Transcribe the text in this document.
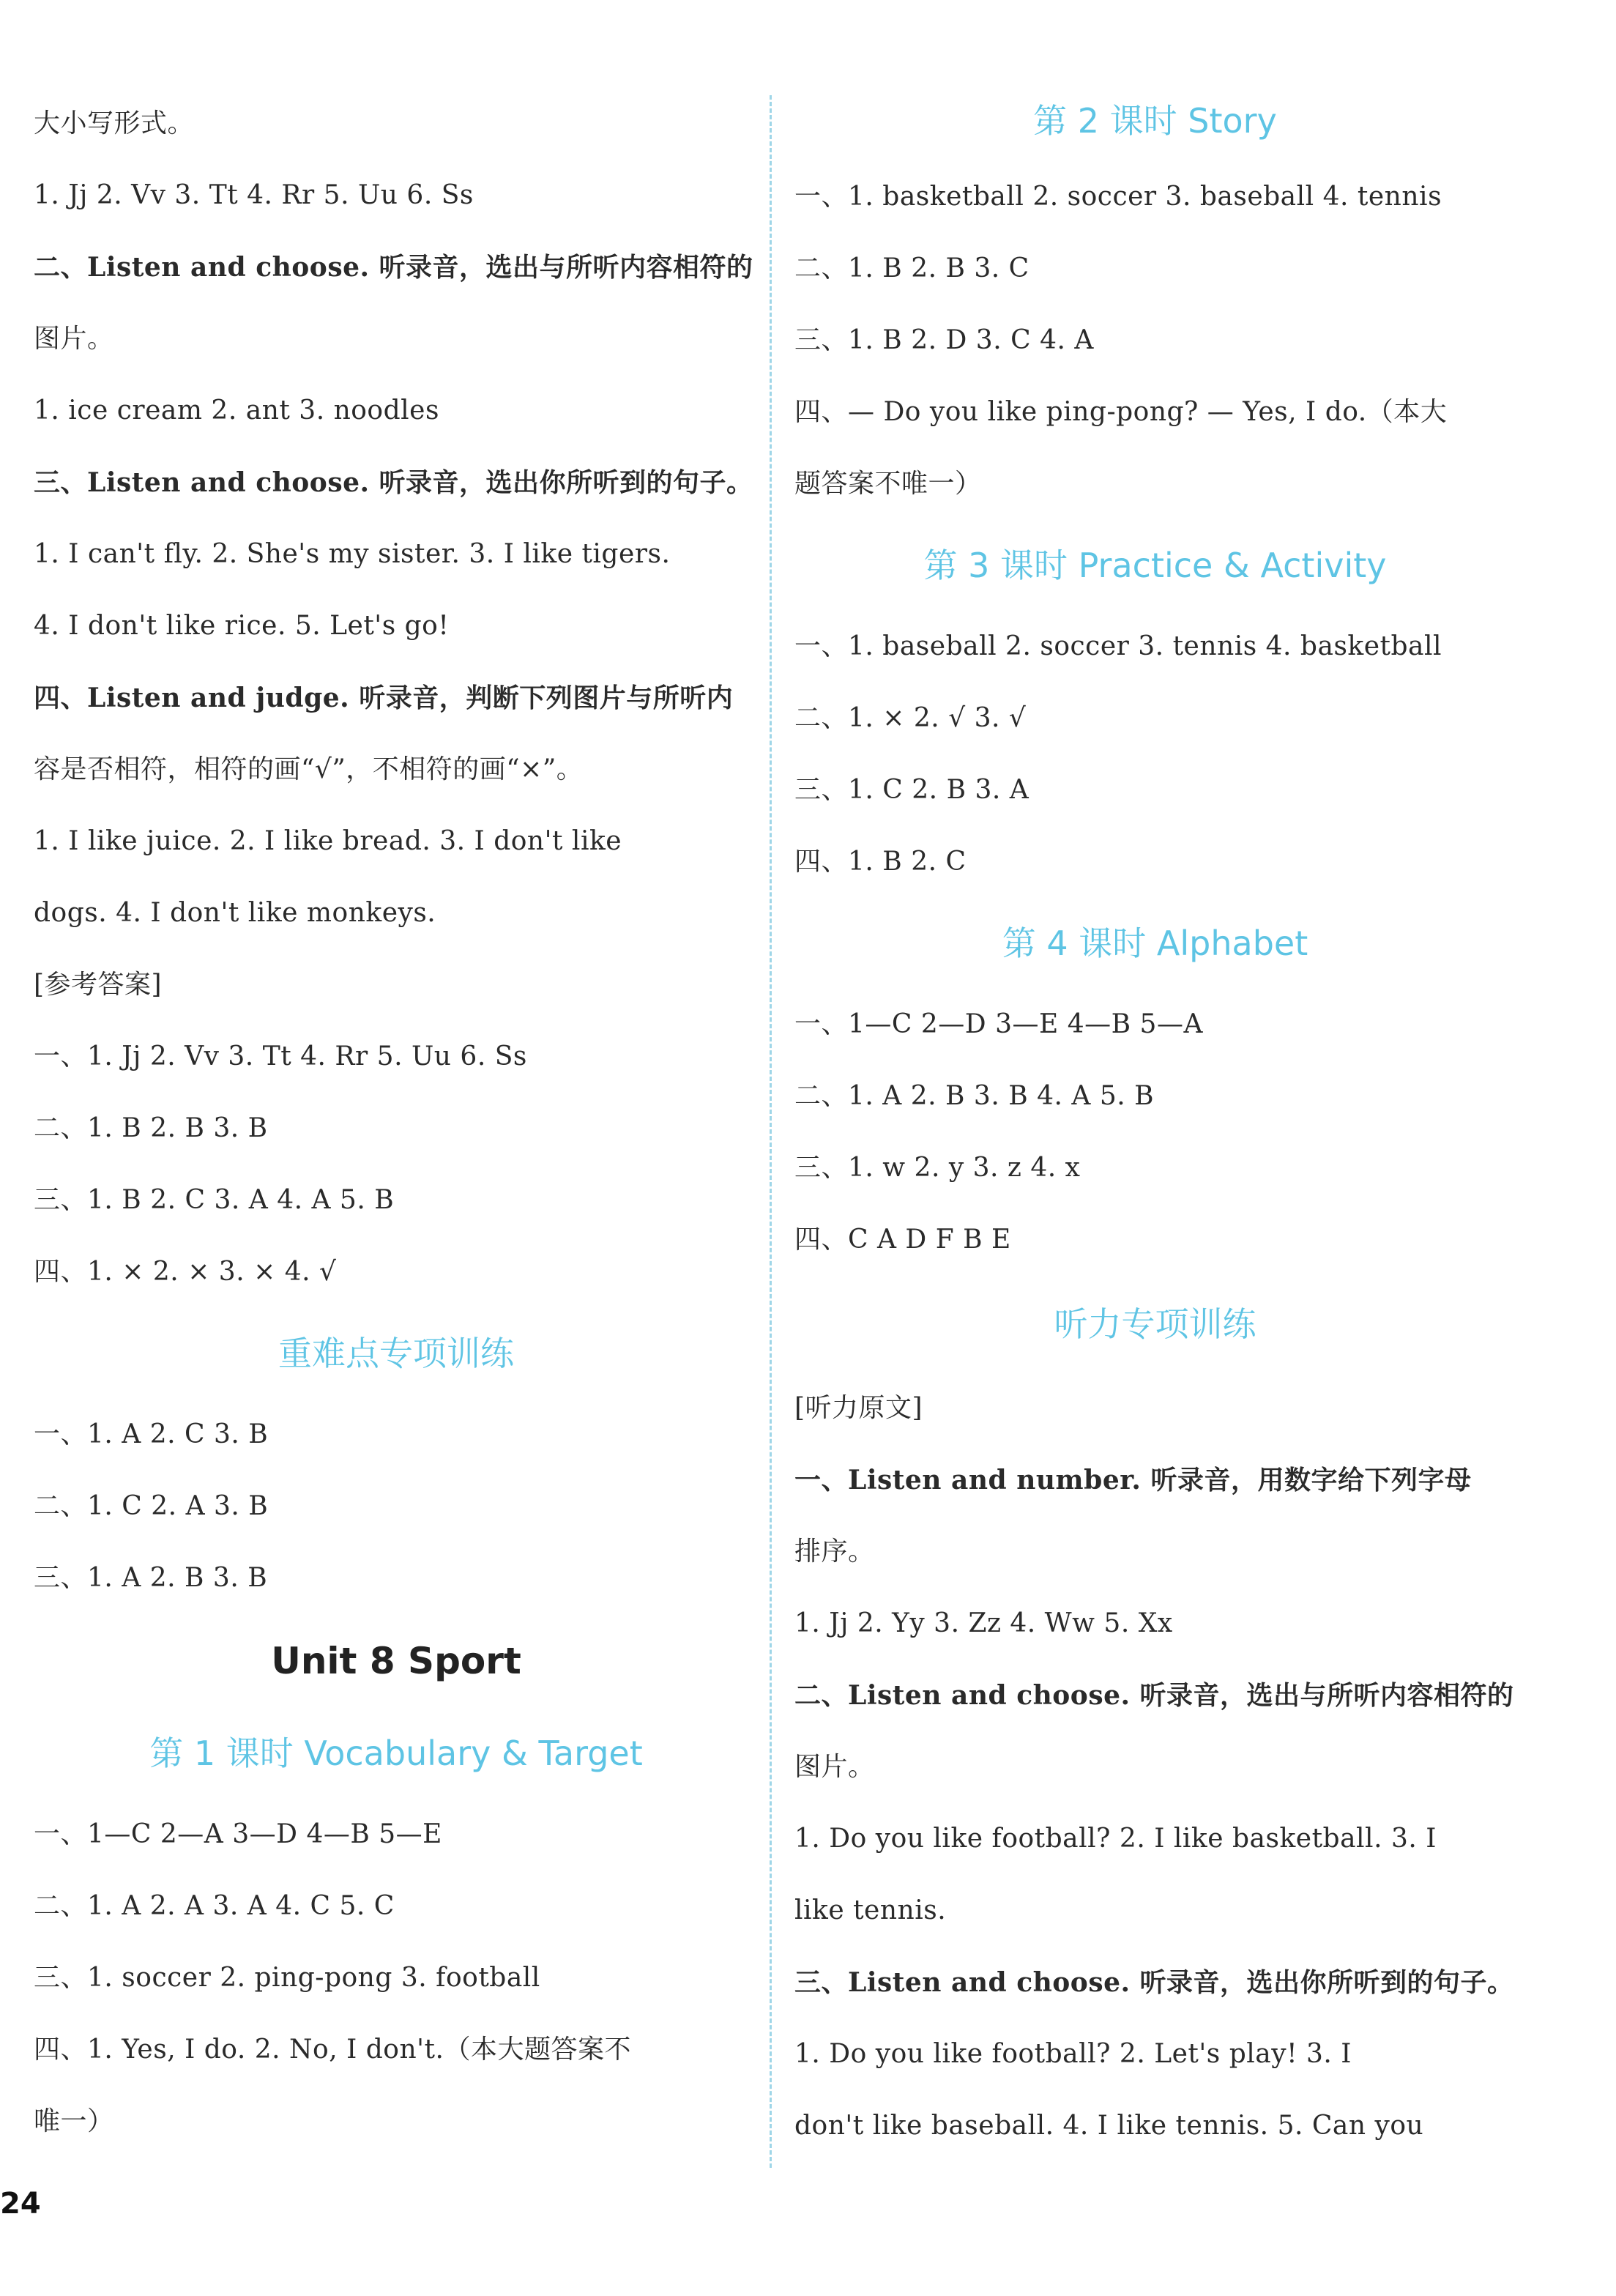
大小写形式。
1. Jj 2. Vv 3. Tt 4. Rr 5. Uu 6. Ss
二、Listen and choose. 听录音，选出与所听内容相符的
图片。
1. ice cream 2. ant 3. noodles
三、Listen and choose. 听录音，选出你所听到的句子。
1. I can't fly. 2. She's my sister. 3. I like tigers.
4. I don't like rice. 5. Let's go!
四、Listen and judge. 听录音，判断下列图片与所听内
容是否相符，相符的画“√”，不相符的画“×”。
1. I like juice. 2. I like bread. 3. I don't like
dogs. 4. I don't like monkeys.
[参考答案]
一、1. Jj 2. Vv 3. Tt 4. Rr 5. Uu 6. Ss
二、1. B 2. B 3. B
三、1. B 2. C 3. A 4. A 5. B
四、1. × 2. × 3. × 4. √
重难点专项训练
一、1. A 2. C 3. B
二、1. C 2. A 3. B
三、1. A 2. B 3. B
Unit 8 Sport
第 1 课时 Vocabulary & Target
一、1—C 2—A 3—D 4—B 5—E
二、1. A 2. A 3. A 4. C 5. C
三、1. soccer 2. ping-pong 3. football
四、1. Yes, I do. 2. No, I don't.（本大题答案不
唯一）
第 2 课时 Story
一、1. basketball 2. soccer 3. baseball 4. tennis
二、1. B 2. B 3. C
三、1. B 2. D 3. C 4. A
四、— Do you like ping-pong? — Yes, I do.（本大
题答案不唯一）
第 3 课时 Practice & Activity
一、1. baseball 2. soccer 3. tennis 4. basketball
二、1. × 2. √ 3. √
三、1. C 2. B 3. A
四、1. B 2. C
第 4 课时 Alphabet
一、1—C 2—D 3—E 4—B 5—A
二、1. A 2. B 3. B 4. A 5. B
三、1. w 2. y 3. z 4. x
四、C A D F B E
听力专项训练
[听力原文]
一、Listen and number. 听录音，用数字给下列字母
排序。
1. Jj 2. Yy 3. Zz 4. Ww 5. Xx
二、Listen and choose. 听录音，选出与所听内容相符的
图片。
1. Do you like football? 2. I like basketball. 3. I
like tennis.
三、Listen and choose. 听录音，选出你所听到的句子。
1. Do you like football? 2. Let's play! 3. I
don't like baseball. 4. I like tennis. 5. Can you
24
